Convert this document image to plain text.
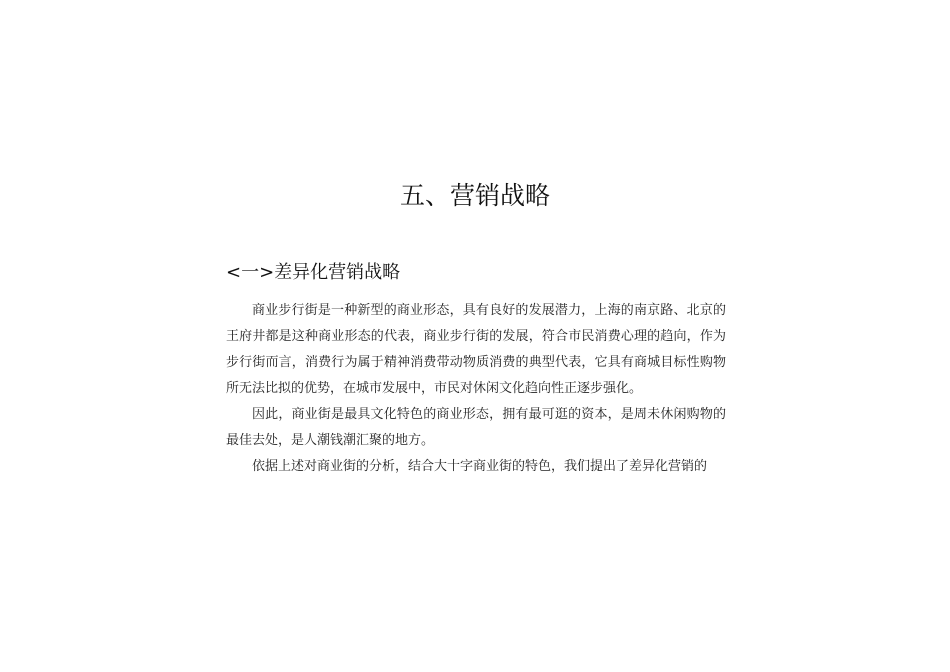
五、营销战略
<一>差异化营销战略

商业步行街是一种新型的商业形态，具有良好的发展潜力，上海的南京路、北京的王府井都是这种商业形态的代表，商业步行街的发展，符合市民消费心理的趋向，作为步行街而言，消费行为属于精神消费带动物质消费的典型代表，它具有商城目标性购物所无法比拟的优势，在城市发展中，市民对休闲文化趋向性正逐步强化。

因此，商业街是最具文化特色的商业形态，拥有最可逛的资本，是周未休闲购物的最佳去处，是人潮钱潮汇聚的地方。

依据上述对商业街的分析，结合大十字商业街的特色，我们提出了差异化营销的
